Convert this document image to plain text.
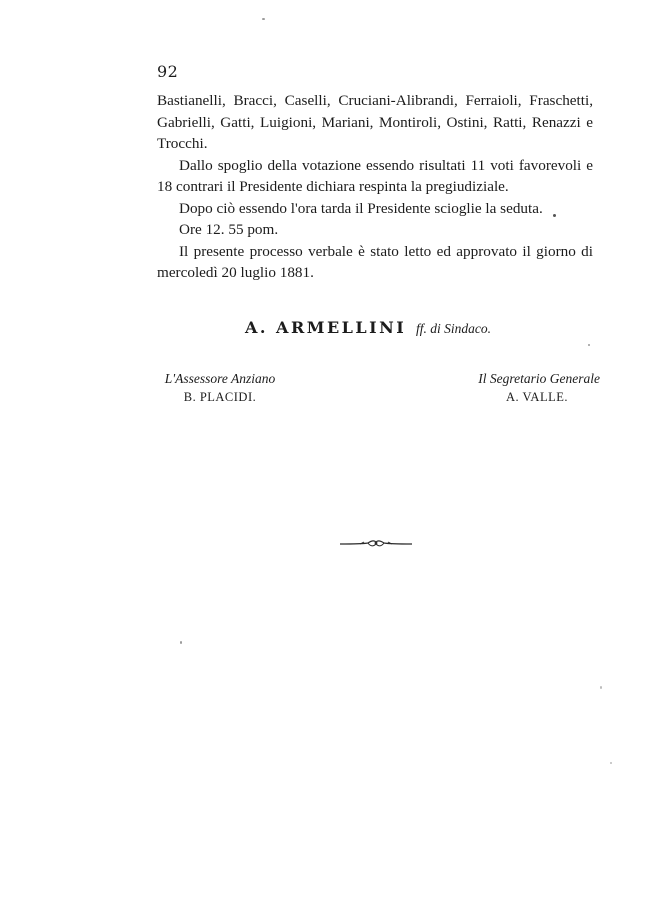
92

Bastianelli, Bracci, Caselli, Cruciani-Alibrandi, Ferraioli, Fraschetti, Gabrielli, Gatti, Luigioni, Mariani, Montiroli, Ostini, Ratti, Renazzi e Trocchi.

Dallo spoglio della votazione essendo risultati 11 voti favorevoli e 18 contrari il Presidente dichiara respinta la pregiudiziale.

Dopo ciò essendo l'ora tarda il Presidente scioglie la seduta.

Ore 12. 55 pom.

Il presente processo verbale è stato letto ed approvato il giorno di mercoledì 20 luglio 1881.

A. ARMELLINI ff. di Sindaco.
L'Assessore Anziano
B. PLACIDI.
Il Segretario Generale
A. VALLE.
